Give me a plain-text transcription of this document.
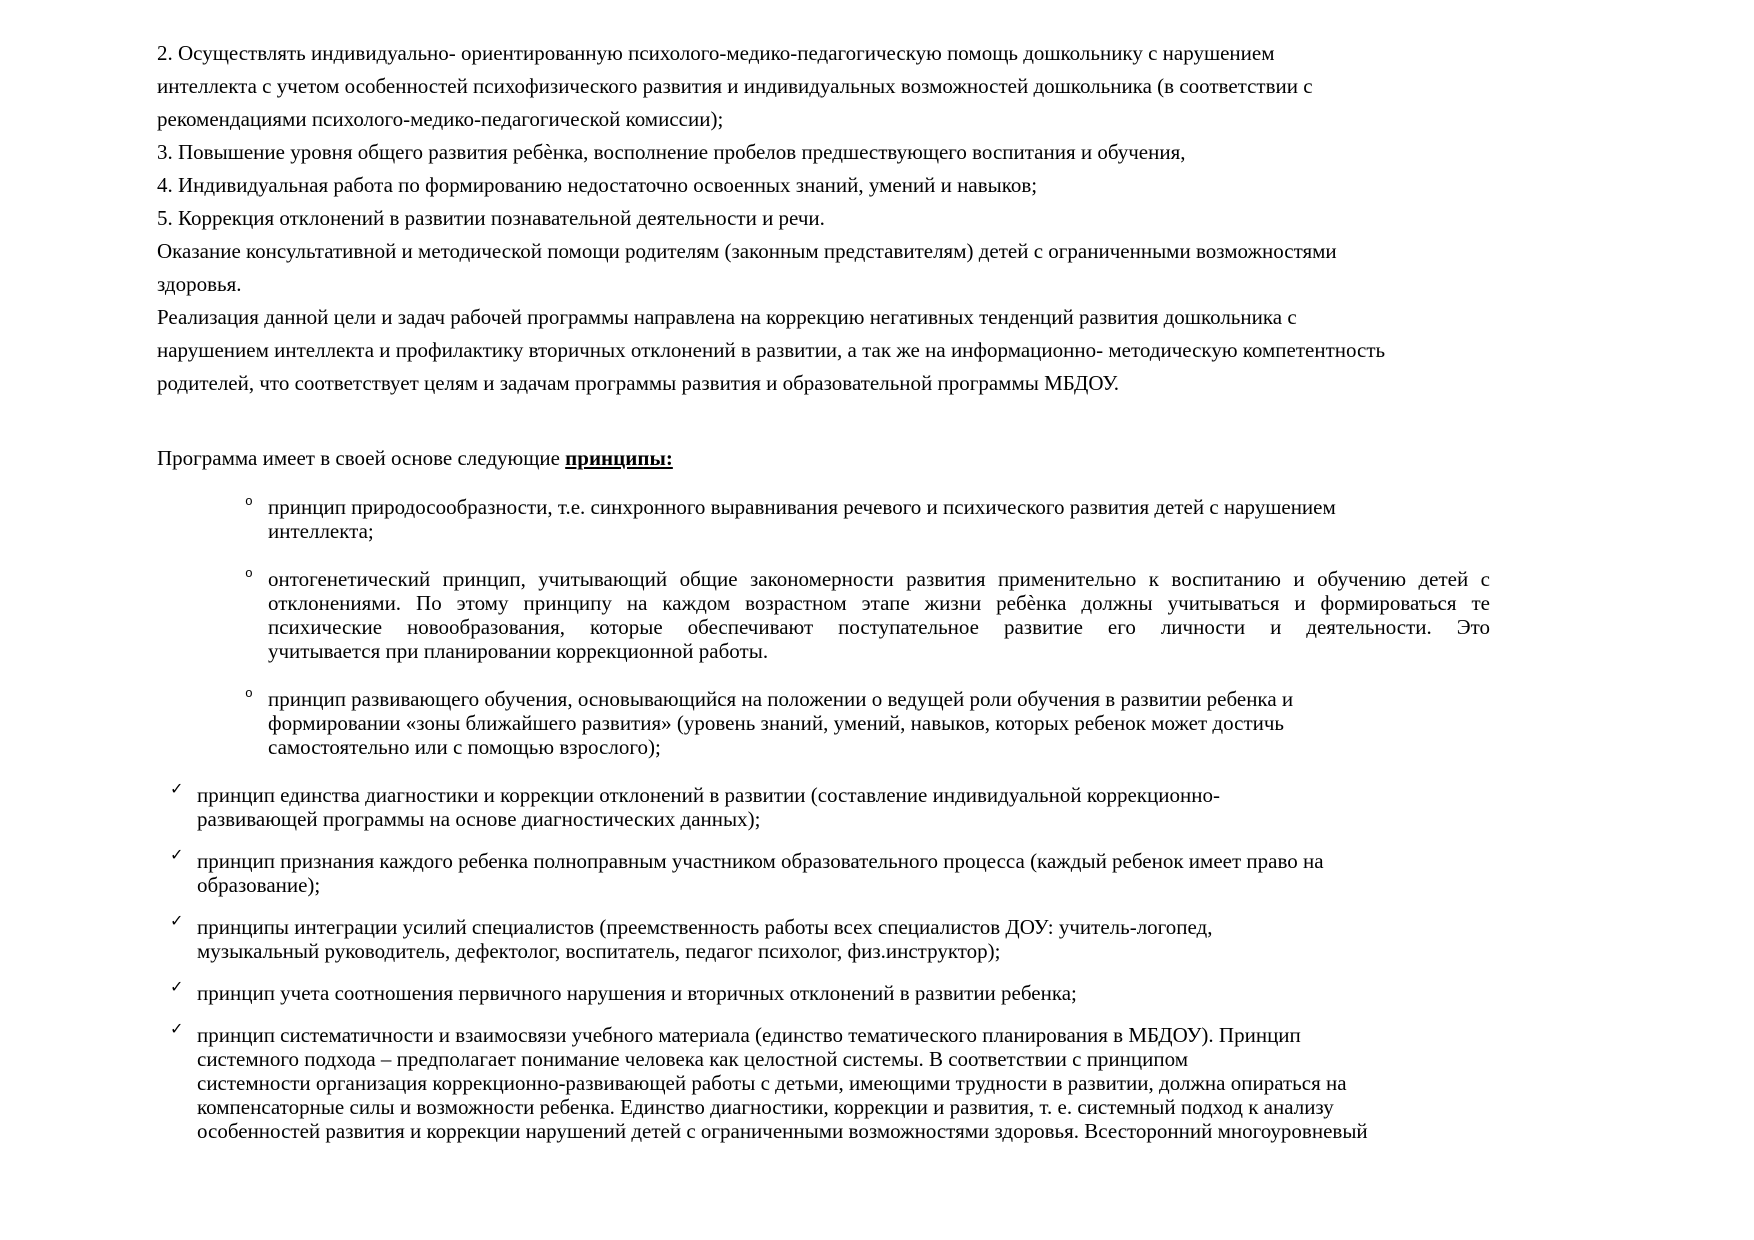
2. Осуществлять индивидуально- ориентированную психолого-медико-педагогическую помощь дошкольнику с нарушением
интеллекта с учетом особенностей психофизического развития и индивидуальных возможностей дошкольника (в соответствии с
рекомендациями психолого-медико-педагогической комиссии);
3. Повышение уровня общего развития ребѐнка, восполнение пробелов предшествующего воспитания и обучения,
4. Индивидуальная работа по формированию недостаточно освоенных знаний, умений и навыков;
5. Коррекция отклонений в развитии познавательной деятельности и речи.
Оказание консультативной и методической помощи родителям (законным представителям) детей с ограниченными возможностями
здоровья.
Реализация данной цели и задач рабочей программы направлена на коррекцию негативных тенденций развития дошкольника с
нарушением интеллекта и профилактику вторичных отклонений в развитии, а так же на информационно- методическую компетентность
родителей, что соответствует целям и задачам программы развития и образовательной программы МБДОУ.
Программа имеет в своей основе следующие принципы:
o принцип природосообразности, т.е. синхронного выравнивания речевого и психического развития детей с нарушением
интеллекта;
o онтогенетический принцип, учитывающий общие закономерности развития применительно к воспитанию и обучению детей с
отклонениями. По этому принципу на каждом возрастном этапе жизни ребѐнка должны учитываться и формироваться те
психические новообразования, которые обеспечивают поступательное развитие его личности и деятельности. Это
учитывается при планировании коррекционной работы.
o принцип развивающего обучения, основывающийся на положении о ведущей роли обучения в развитии ребенка и
формировании «зоны ближайшего развития» (уровень знаний, умений, навыков, которых ребенок может достичь
самостоятельно или с помощью взрослого);
✓ принцип единства диагностики и коррекции отклонений в развитии (составление индивидуальной коррекционно-
развивающей программы на основе диагностических данных);
✓ принцип признания каждого ребенка полноправным участником образовательного процесса (каждый ребенок имеет право на
образование);
✓ принципы интеграции усилий специалистов (преемственность работы всех специалистов ДОУ: учитель-логопед,
музыкальный руководитель, дефектолог, воспитатель, педагог психолог, физ.инструктор);
✓ принцип учета соотношения первичного нарушения и вторичных отклонений в развитии ребенка;
✓ принцип систематичности и взаимосвязи учебного материала (единство тематического планирования в МБДОУ). Принцип
системного подхода – предполагает понимание человека как целостной системы. В соответствии с принципом
системности организация коррекционно-развивающей работы с детьми, имеющими трудности в развитии, должна опираться на
компенсаторные силы и возможности ребенка. Единство диагностики, коррекции и развития, т. е. системный подход к анализу
особенностей развития и коррекции нарушений детей с ограниченными возможностями здоровья. Всесторонний многоуровневый
